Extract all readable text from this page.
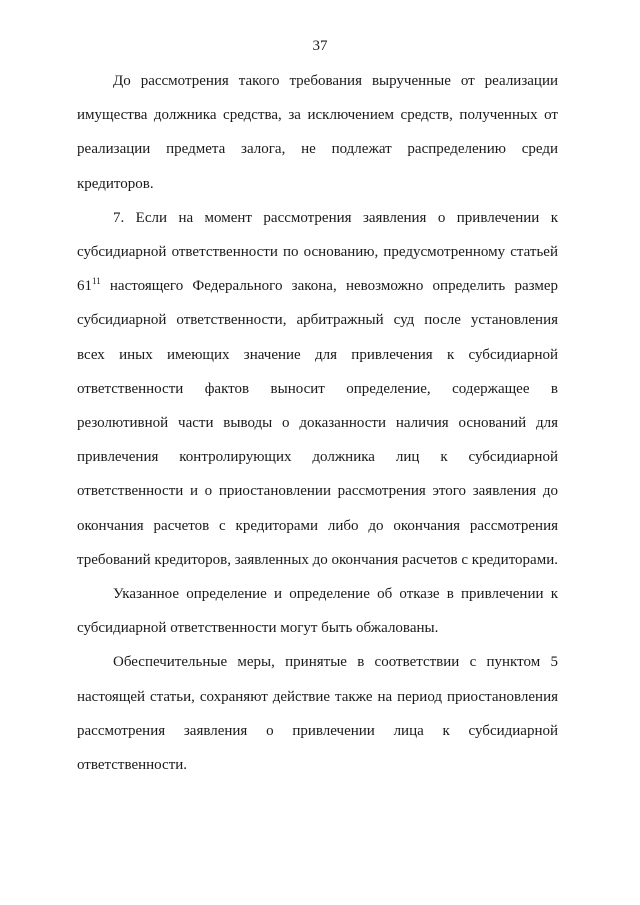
37

До рассмотрения такого требования вырученные от реализации имущества должника средства, за исключением средств, полученных от реализации предмета залога, не подлежат распределению среди кредиторов.

7. Если на момент рассмотрения заявления о привлечении к субсидиарной ответственности по основанию, предусмотренному статьей $61^{11}$ настоящего Федерального закона, невозможно определить размер субсидиарной ответственности, арбитражный суд после установления всех иных имеющих значение для привлечения к субсидиарной ответственности фактов выносит определение, содержащее в резолютивной части выводы о доказанности наличия оснований для привлечения контролирующих должника лиц к субсидиарной ответственности и о приостановлении рассмотрения этого заявления до окончания расчетов с кредиторами либо до окончания рассмотрения требований кредиторов, заявленных до окончания расчетов с кредиторами.

Указанное определение и определение об отказе в привлечении к субсидиарной ответственности могут быть обжалованы.

Обеспечительные меры, принятые в соответствии с пунктом 5 настоящей статьи, сохраняют действие также на период приостановления рассмотрения заявления о привлечении лица к субсидиарной ответственности.
